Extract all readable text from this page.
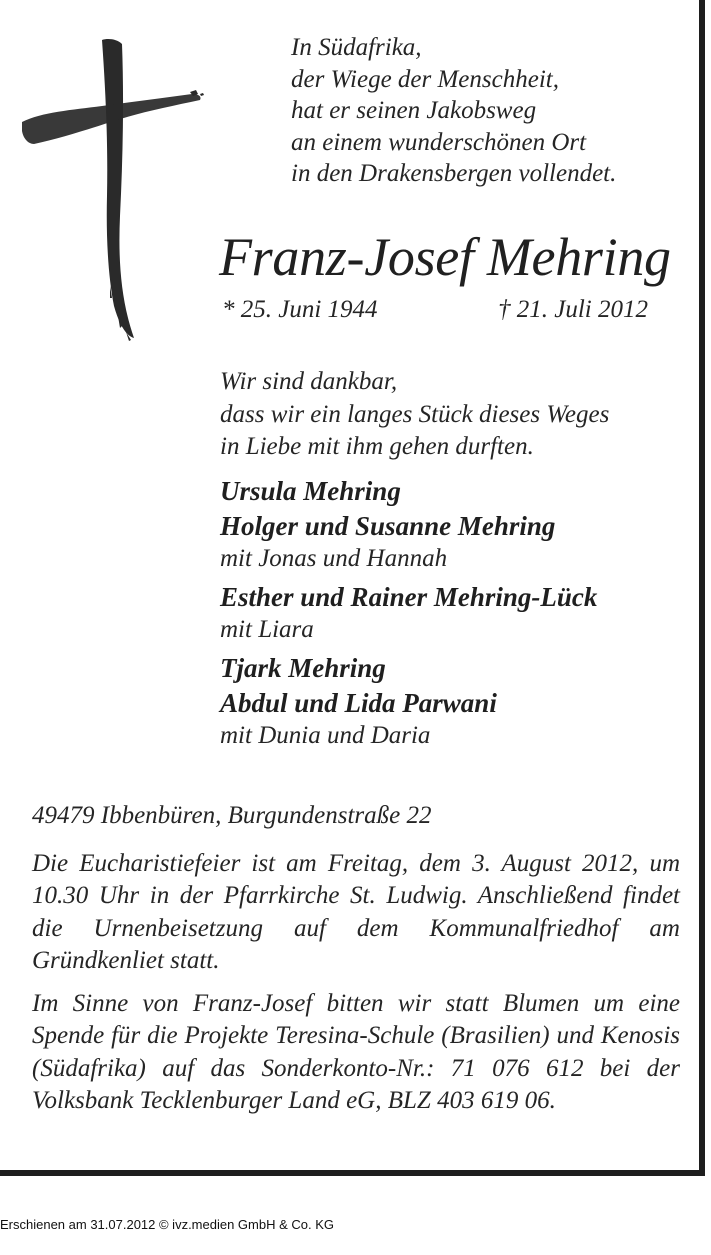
In Südafrika,
der Wiege der Menschheit,
hat er seinen Jakobsweg
an einem wunderschönen Ort
in den Drakensbergen vollendet.
Franz-Josef Mehring
* 25. Juni 1944	† 21. Juli 2012
Wir sind dankbar,
dass wir ein langes Stück dieses Weges
in Liebe mit ihm gehen durften.
Ursula Mehring
Holger und Susanne Mehring
mit Jonas und Hannah
Esther und Rainer Mehring-Lück
mit Liara
Tjark Mehring
Abdul und Lida Parwani
mit Dunia und Daria
49479 Ibbenbüren, Burgundenstraße 22
Die Eucharistiefeier ist am Freitag, dem 3. August 2012, um 10.30 Uhr in der Pfarrkirche St. Ludwig. Anschließend findet die Urnenbeisetzung auf dem Kommunalfriedhof am Gründkenliet statt.
Im Sinne von Franz-Josef bitten wir statt Blumen um eine Spende für die Projekte Teresina-Schule (Brasilien) und Kenosis (Südafrika) auf das Sonderkonto-Nr.: 71 076 612 bei der Volksbank Tecklenburger Land eG, BLZ 403 619 06.
Erschienen am 31.07.2012 © ivz.medien GmbH & Co. KG
